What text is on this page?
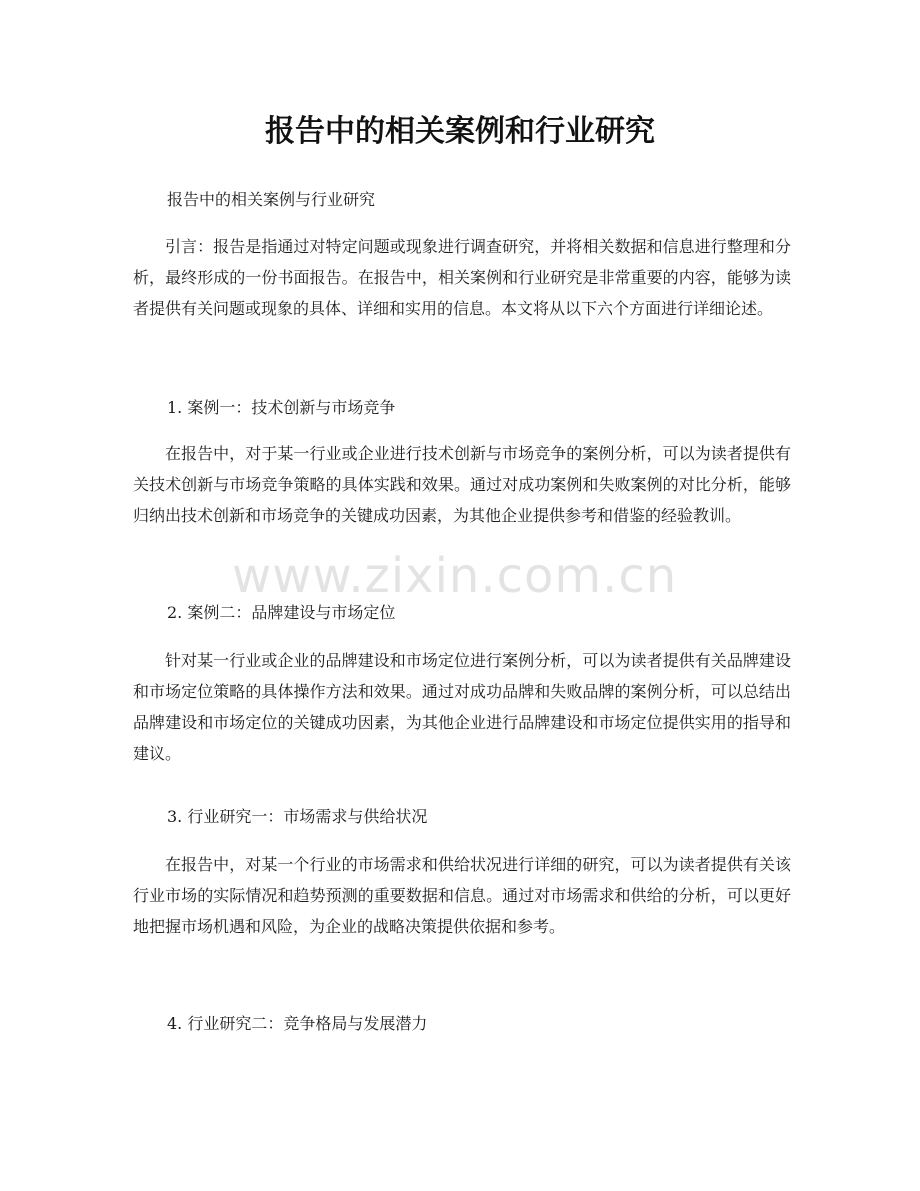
报告中的相关案例和行业研究

报告中的相关案例与行业研究

引言：报告是指通过对特定问题或现象进行调查研究，并将相关数据和信息进行整理和分析，最终形成的一份书面报告。在报告中，相关案例和行业研究是非常重要的内容，能够为读者提供有关问题或现象的具体、详细和实用的信息。本文将从以下六个方面进行详细论述。

1. 案例一：技术创新与市场竞争

在报告中，对于某一行业或企业进行技术创新与市场竞争的案例分析，可以为读者提供有关技术创新与市场竞争策略的具体实践和效果。通过对成功案例和失败案例的对比分析，能够归纳出技术创新和市场竞争的关键成功因素，为其他企业提供参考和借鉴的经验教训。

2. 案例二：品牌建设与市场定位

针对某一行业或企业的品牌建设和市场定位进行案例分析，可以为读者提供有关品牌建设和市场定位策略的具体操作方法和效果。通过对成功品牌和失败品牌的案例分析，可以总结出品牌建设和市场定位的关键成功因素，为其他企业进行品牌建设和市场定位提供实用的指导和建议。

3. 行业研究一：市场需求与供给状况

在报告中，对某一个行业的市场需求和供给状况进行详细的研究，可以为读者提供有关该行业市场的实际情况和趋势预测的重要数据和信息。通过对市场需求和供给的分析，可以更好地把握市场机遇和风险，为企业的战略决策提供依据和参考。

4. 行业研究二：竞争格局与发展潜力

www.zixin.com.cn
